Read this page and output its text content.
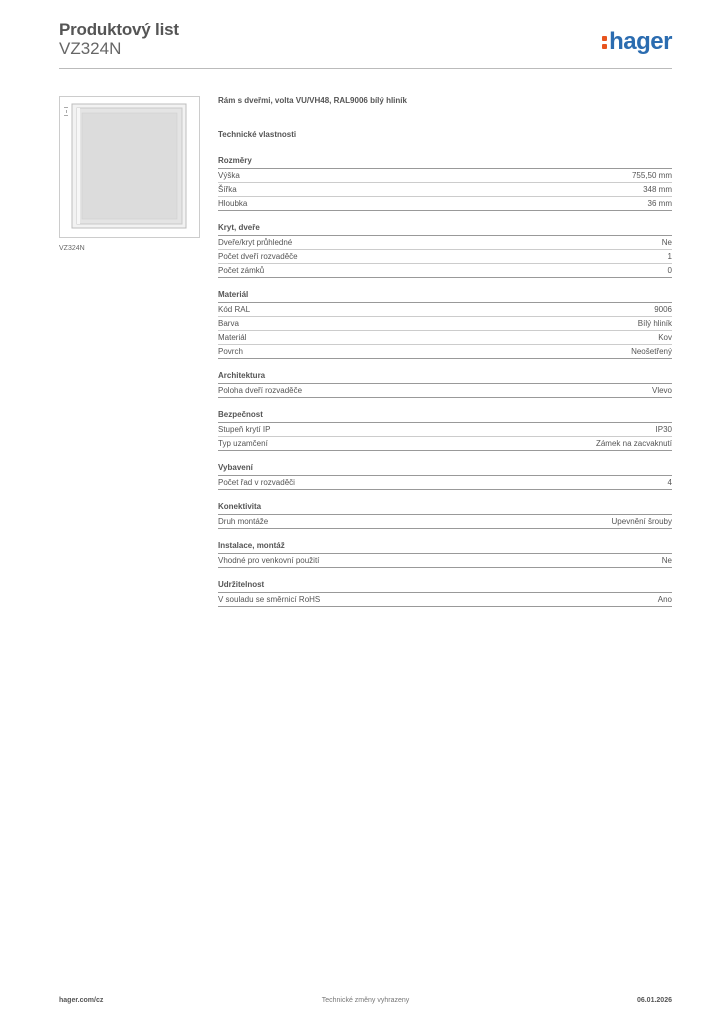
Produktový list
VZ324N	hager
VZ324N
Rám s dveřmi, volta VU/VH48, RAL9006 bílý hliník
Technické vlastnosti
Rozměry
Výška	755,50 mm
Šířka	348 mm
Hloubka	36 mm
Kryt, dveře
Dveře/kryt průhledné	Ne
Počet dveří rozvaděče	1
Počet zámků	0
Materiál
Kód RAL	9006
Barva	Bílý hliník
Materiál	Kov
Povrch	Neošetřený
Architektura
Poloha dveří rozvaděče	Vlevo
Bezpečnost
Stupeň krytí IP	IP30
Typ uzamčení	Zámek na zacvaknutí
Vybavení
Počet řad v rozvaděči	4
Konektivita
Druh montáže	Upevnění šrouby
Instalace, montáž
Vhodné pro venkovní použití	Ne
Udržitelnost
V souladu se směrnicí RoHS	Ano
Technické změny vyhrazeny
hager.com/cz	06.01.2026
